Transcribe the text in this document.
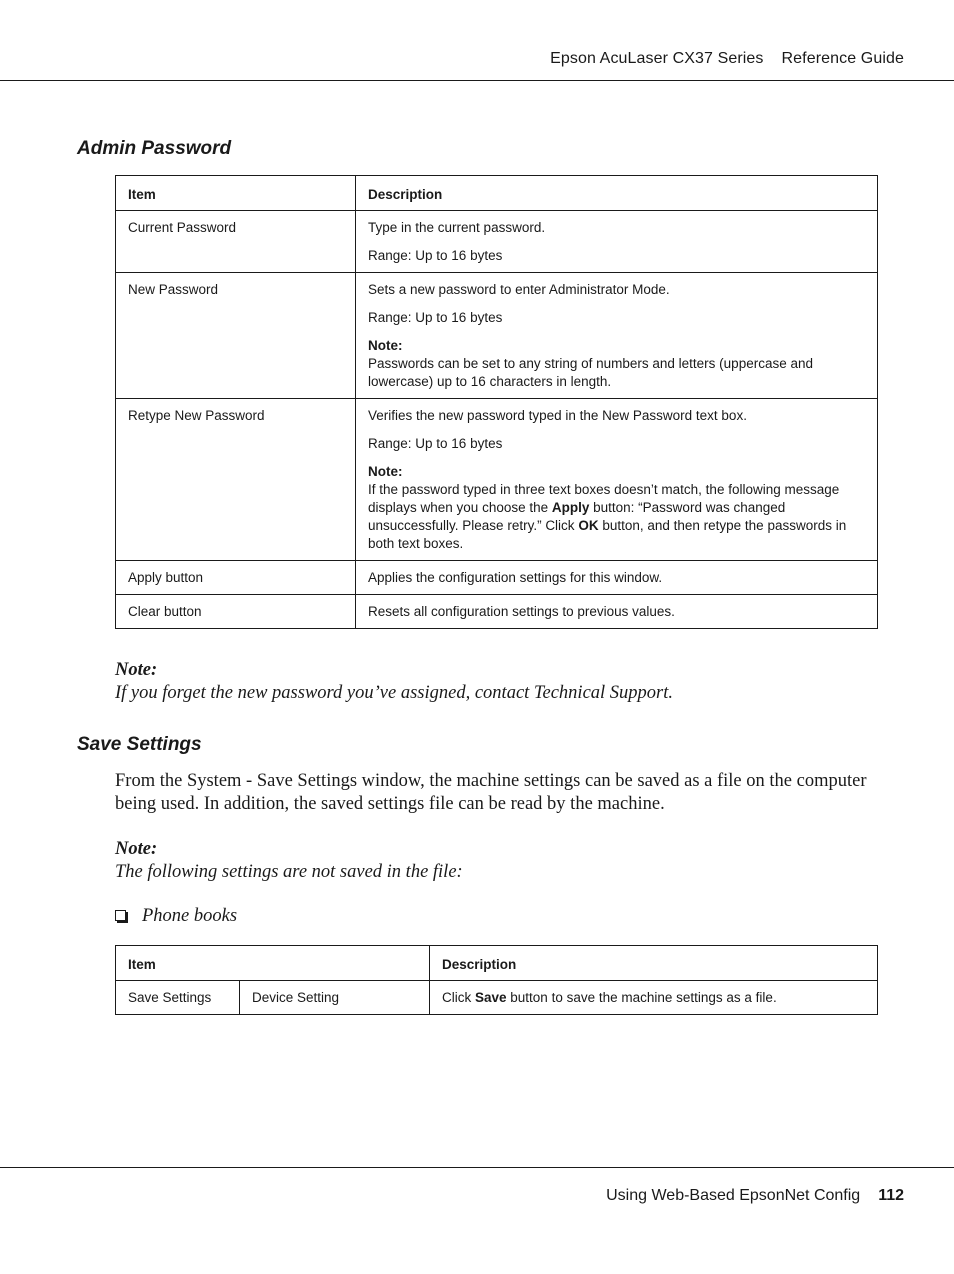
Epson AcuLaser CX37 Series Reference Guide
Admin Password
Item	Description
Current Password	Type in the current password.

Range: Up to 16 bytes

New Password	Sets a new password to enter Administrator Mode.

Range: Up to 16 bytes

Note:
Passwords can be set to any string of numbers and letters (uppercase and lowercase) up to 16 characters in length.

Retype New Password	Verifies the new password typed in the New Password text box.

Range: Up to 16 bytes

Note:
If the password typed in three text boxes doesn’t match, the following message displays when you choose the Apply button: “Password was changed unsuccessfully. Please retry.” Click OK button, and then retype the passwords in both text boxes.

Apply button	Applies the configuration settings for this window.

Clear button	Resets all configuration settings to previous values.

Note:
If you forget the new password you’ve assigned, contact Technical Support.
Save Settings
From the System - Save Settings window, the machine settings can be saved as a file on the computer being used. In addition, the saved settings file can be read by the machine.
Note:
The following settings are not saved in the file:
Phone books
Item		Description
Save Settings	Device Setting	Click Save button to save the machine settings as a file.
Using Web-Based EpsonNet Config 112
